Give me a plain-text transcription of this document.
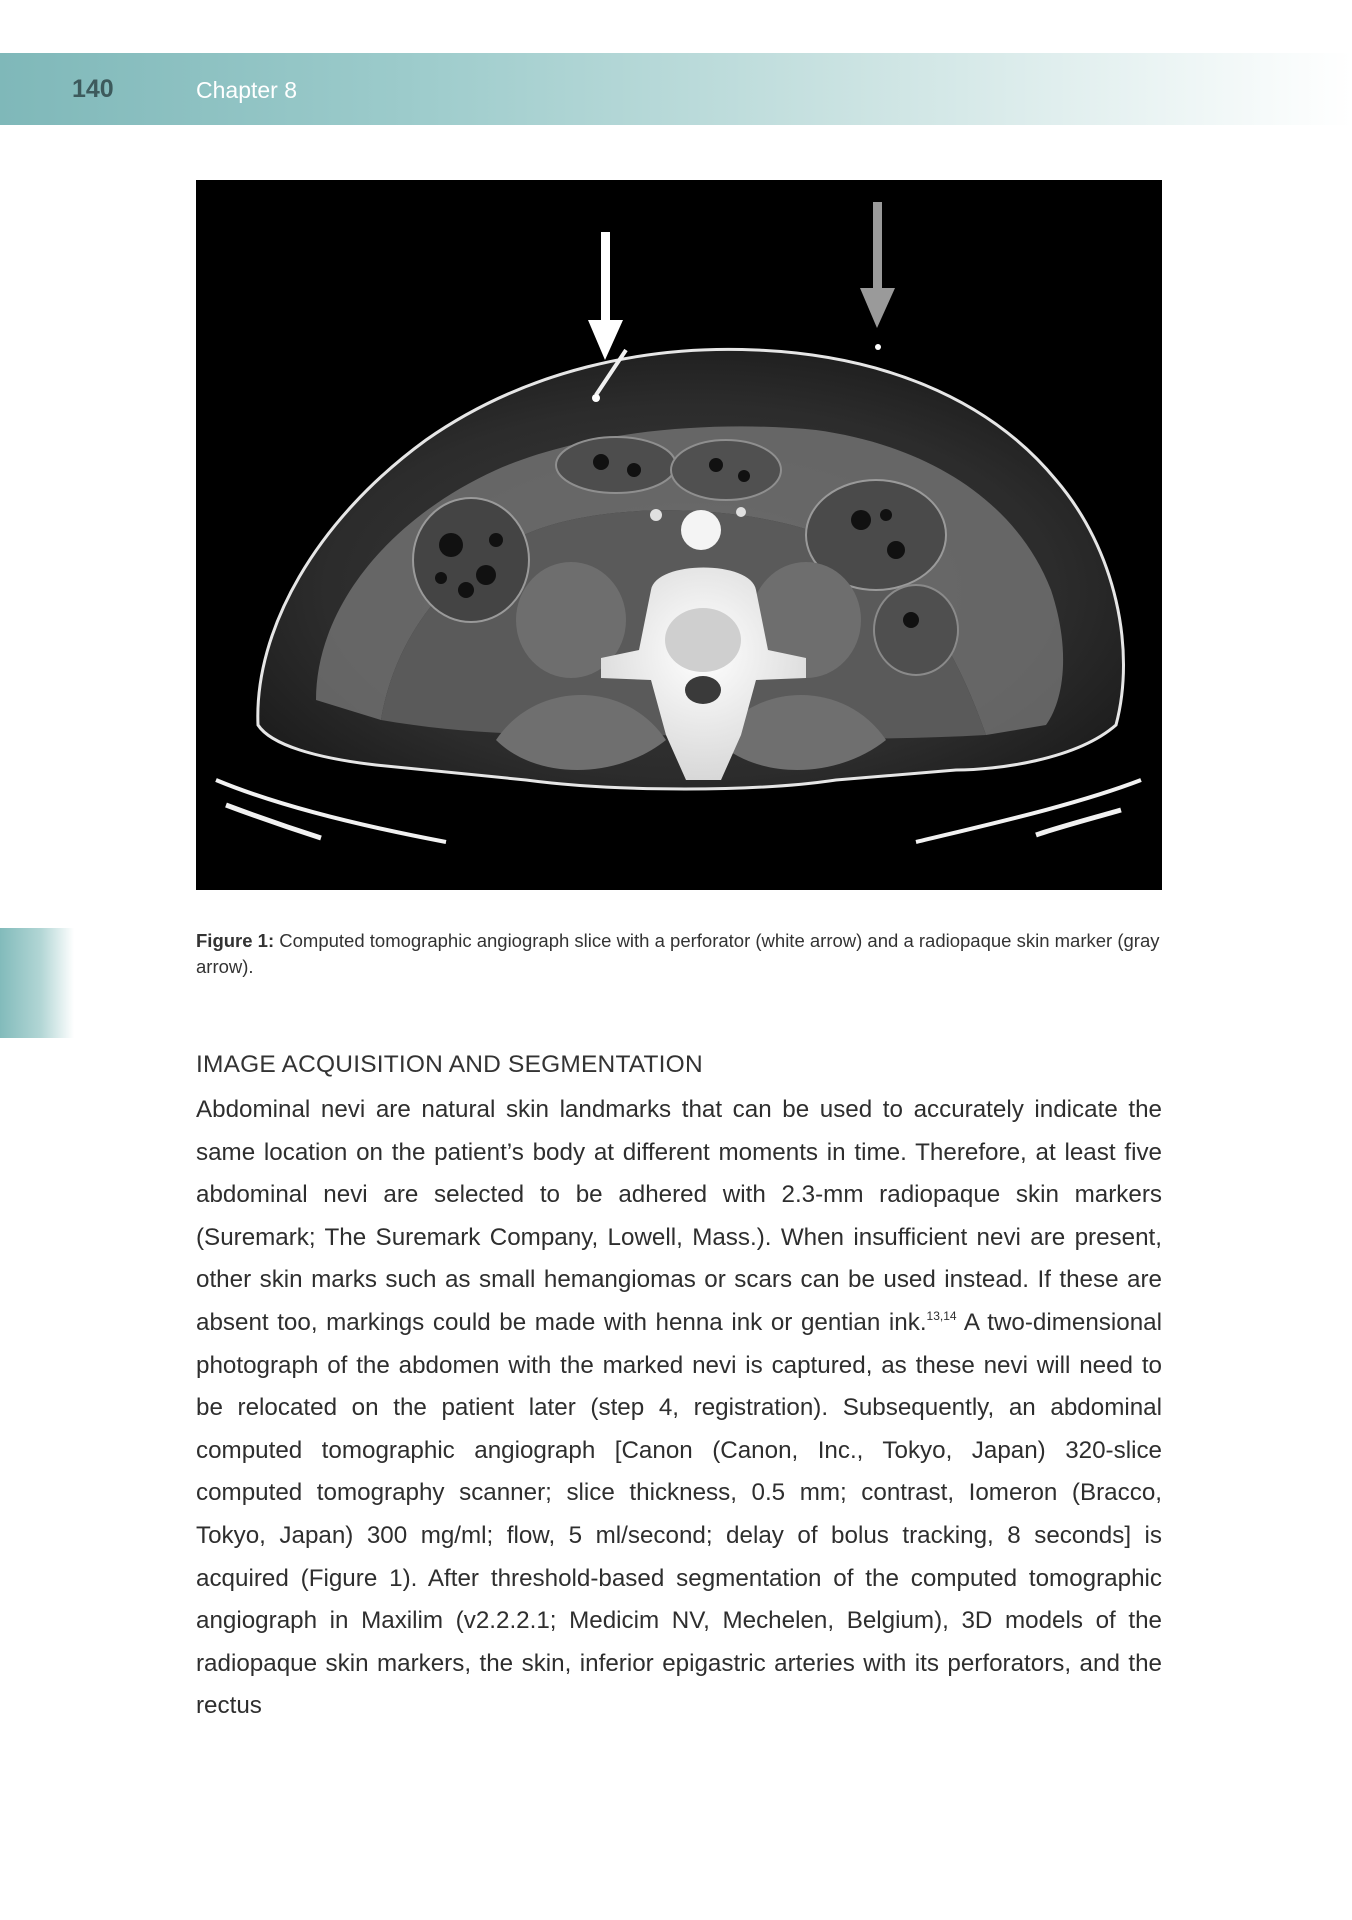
140	Chapter 8
Figure 1: Computed tomographic angiograph slice with a perforator (white arrow) and a radiopaque skin marker (gray arrow).
IMAGE ACQUISITION AND SEGMENTATION
Abdominal nevi are natural skin landmarks that can be used to accurately indicate the same location on the patient’s body at different moments in time. Therefore, at least five abdominal nevi are selected to be adhered with 2.3-mm radiopaque skin markers (Suremark; The Suremark Company, Lowell, Mass.). When insufficient nevi are present, other skin marks such as small hemangiomas or scars can be used instead. If these are absent too, markings could be made with henna ink or gentian ink.$^{13,14}$ A two-dimensional photograph of the abdomen with the marked nevi is captured, as these nevi will need to be relocated on the patient later (step 4, registration). Subsequently, an abdominal computed tomographic angiograph [Canon (Canon, Inc., Tokyo, Japan) 320-slice computed tomography scanner; slice thickness, 0.5 mm; contrast, Iomeron (Bracco, Tokyo, Japan) 300 mg/ml; flow, 5 ml/second; delay of bolus tracking, 8 seconds] is acquired (Figure 1). After threshold-based segmentation of the computed tomographic angiograph in Maxilim (v2.2.2.1; Medicim NV, Mechelen, Belgium), 3D models of the radiopaque skin markers, the skin, inferior epigastric arteries with its perforators, and the rectus
